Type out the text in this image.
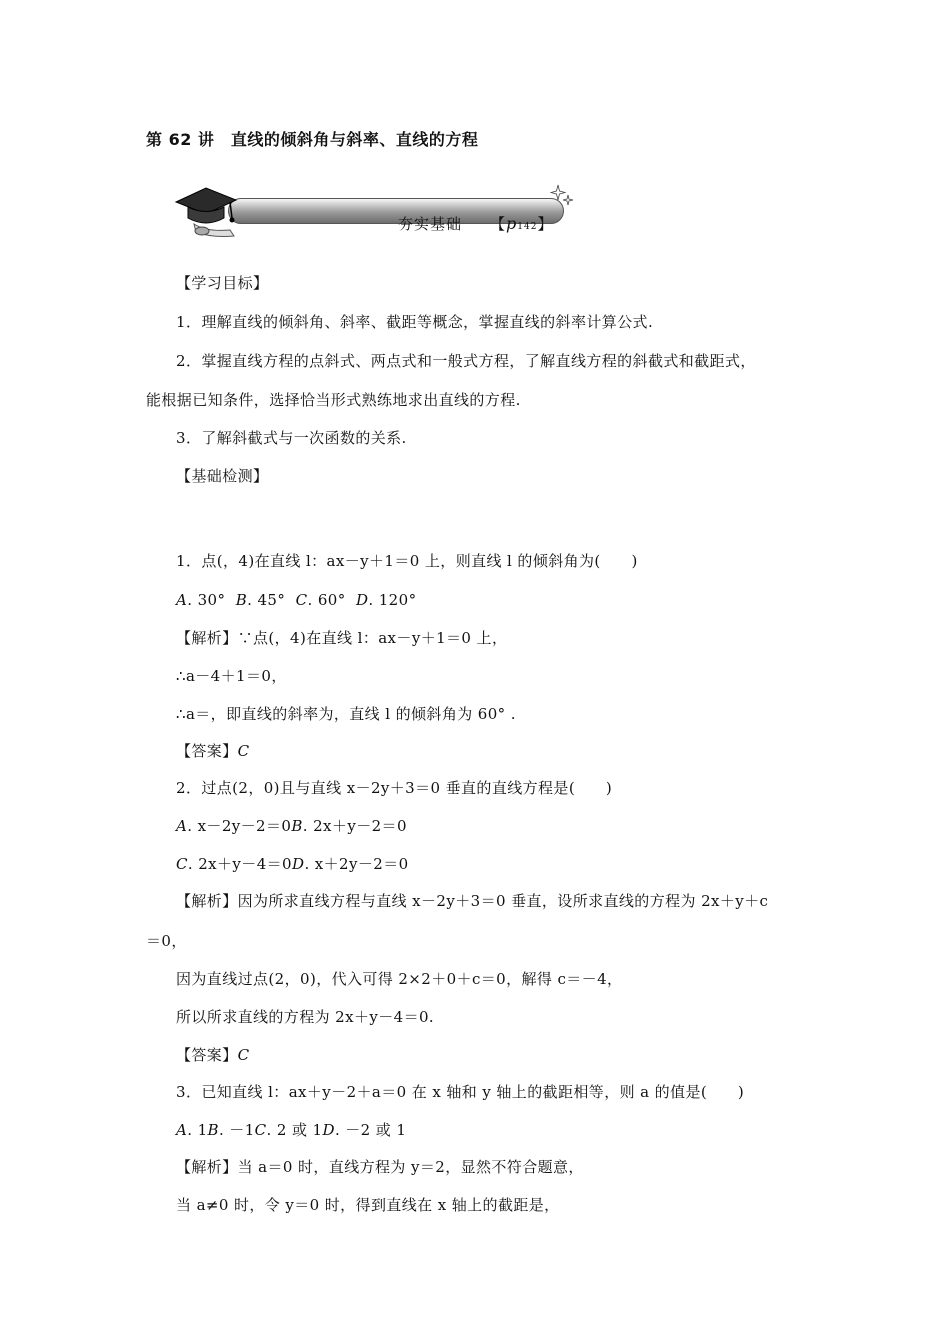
第 62 讲　直线的倾斜角与斜率、直线的方程
夯实基础 【p142】
【学习目标】
1．理解直线的倾斜角、斜率、截距等概念，掌握直线的斜率计算公式.
2．掌握直线方程的点斜式、两点式和一般式方程，了解直线方程的斜截式和截距式，
能根据已知条件，选择恰当形式熟练地求出直线的方程.
3．了解斜截式与一次函数的关系.
【基础检测】
1．点(，4)在直线 l：ax－y＋1＝0 上，则直线 l 的倾斜角为(　　)
A. 30° B. 45° C. 60° D. 120°
【解析】∵点(，4)在直线 l：ax－y＋1＝0 上，
∴a－4＋1＝0，
∴a＝，即直线的斜率为，直线 l 的倾斜角为 60° .
【答案】C
2．过点(2，0)且与直线 x－2y＋3＝0 垂直的直线方程是(　　)
A. x－2y－2＝0B. 2x＋y－2＝0
C. 2x＋y－4＝0D. x＋2y－2＝0
【解析】因为所求直线方程与直线 x－2y＋3＝0 垂直，设所求直线的方程为 2x＋y＋c
＝0，
因为直线过点(2，0)，代入可得 2×2＋0＋c＝0，解得 c＝－4，
所以所求直线的方程为 2x＋y－4＝0.
【答案】C
3．已知直线 l：ax＋y－2＋a＝0 在 x 轴和 y 轴上的截距相等，则 a 的值是(　　)
A. 1B. －1C. 2 或 1D. －2 或 1
【解析】当 a＝0 时，直线方程为 y＝2，显然不符合题意，
当 a≠0 时，令 y＝0 时，得到直线在 x 轴上的截距是，
